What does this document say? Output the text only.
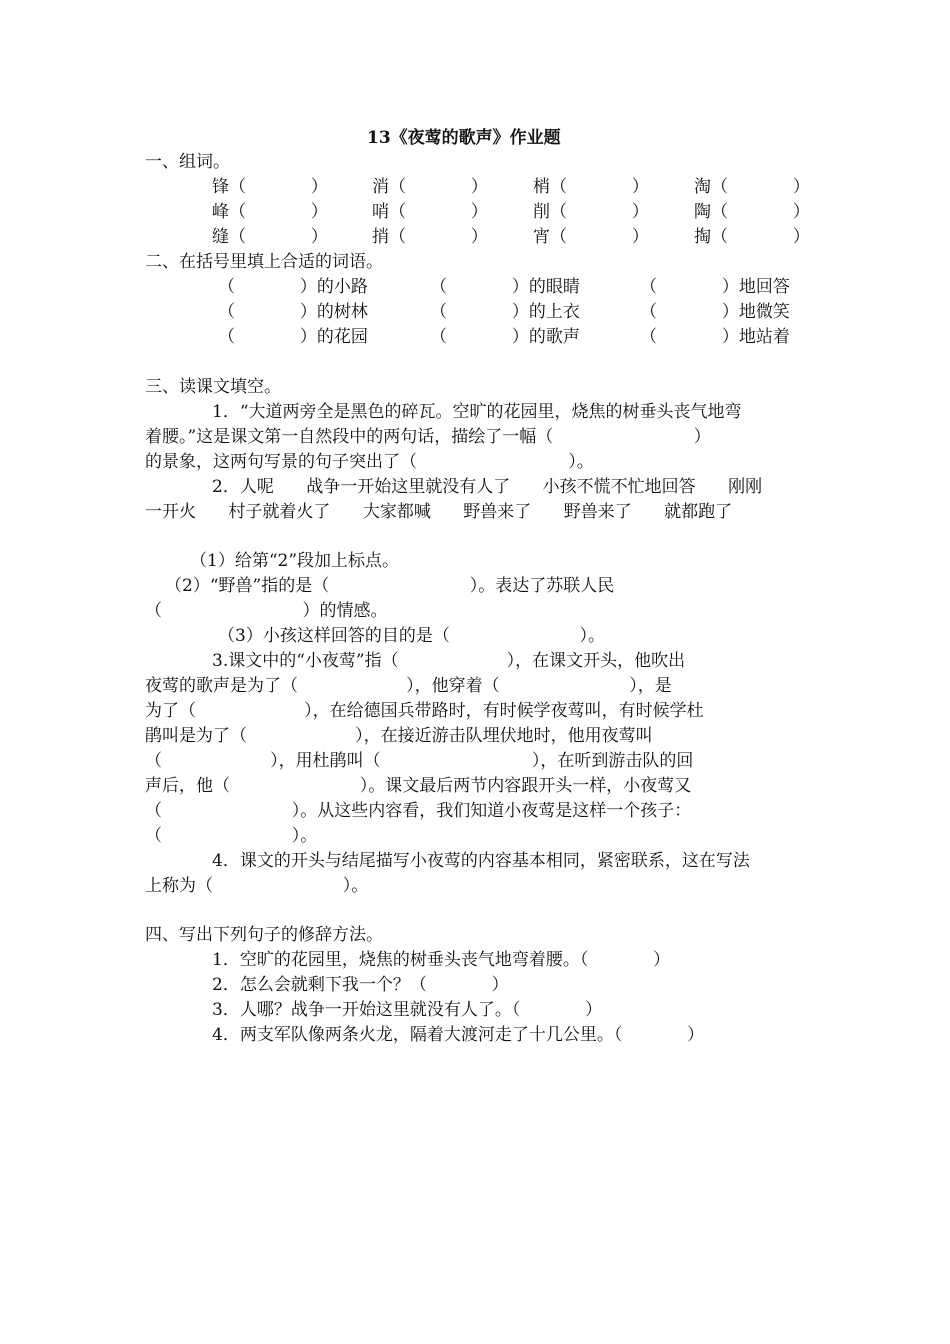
13《夜莺的歌声》作业题
一、组词。
锋（            ）	消（            ）	梢（            ）	淘（            ）
峰（            ）	哨（            ）	削（            ）	陶（            ）
缝（            ）	捎（            ）	宵（            ）	掏（            ）
二、在括号里填上合适的词语。
（            ）的小路	（            ）的眼睛	（            ）地回答
（            ）的树林	（            ）的上衣	（            ）地微笑
（            ）的花园	（            ）的歌声	（            ）地站着
三、读课文填空。
1．“大道两旁全是黑色的碎瓦。空旷的花园里，烧焦的树垂头丧气地弯
着腰。”这是课文第一自然段中的两句话，描绘了一幅（                          ）
的景象，这两句写景的句子突出了（                            ）。
2．人呢      战争一开始这里就没有人了      小孩不慌不忙地回答      刚刚
一开火      村子就着火了      大家都喊      野兽来了      野兽来了      就都跑了
（1）给第“2”段加上标点。
（2）“野兽”指的是（                          ）。表达了苏联人民
（                          ）的情感。
（3）小孩这样回答的目的是（                        ）。
3.课文中的“小夜莺”指（                    ），在课文开头，他吹出
夜莺的歌声是为了（                    ），他穿着（                        ），是
为了（                    ），在给德国兵带路时，有时候学夜莺叫，有时候学杜
鹃叫是为了（                    ），在接近游击队埋伏地时，他用夜莺叫
（                    ），用杜鹃叫（                            ），在听到游击队的回
声后，他（                        ）。课文最后两节内容跟开头一样，小夜莺又
（                        ）。从这些内容看，我们知道小夜莺是这样一个孩子：
（                        ）。
4．课文的开头与结尾描写小夜莺的内容基本相同，紧密联系，这在写法
上称为（                        ）。
四、写出下列句子的修辞方法。
1．空旷的花园里，烧焦的树垂头丧气地弯着腰。（            ）
2．怎么会就剩下我一个？（            ）
3．人哪？战争一开始这里就没有人了。（            ）
4．两支军队像两条火龙，隔着大渡河走了十几公里。（            ）
